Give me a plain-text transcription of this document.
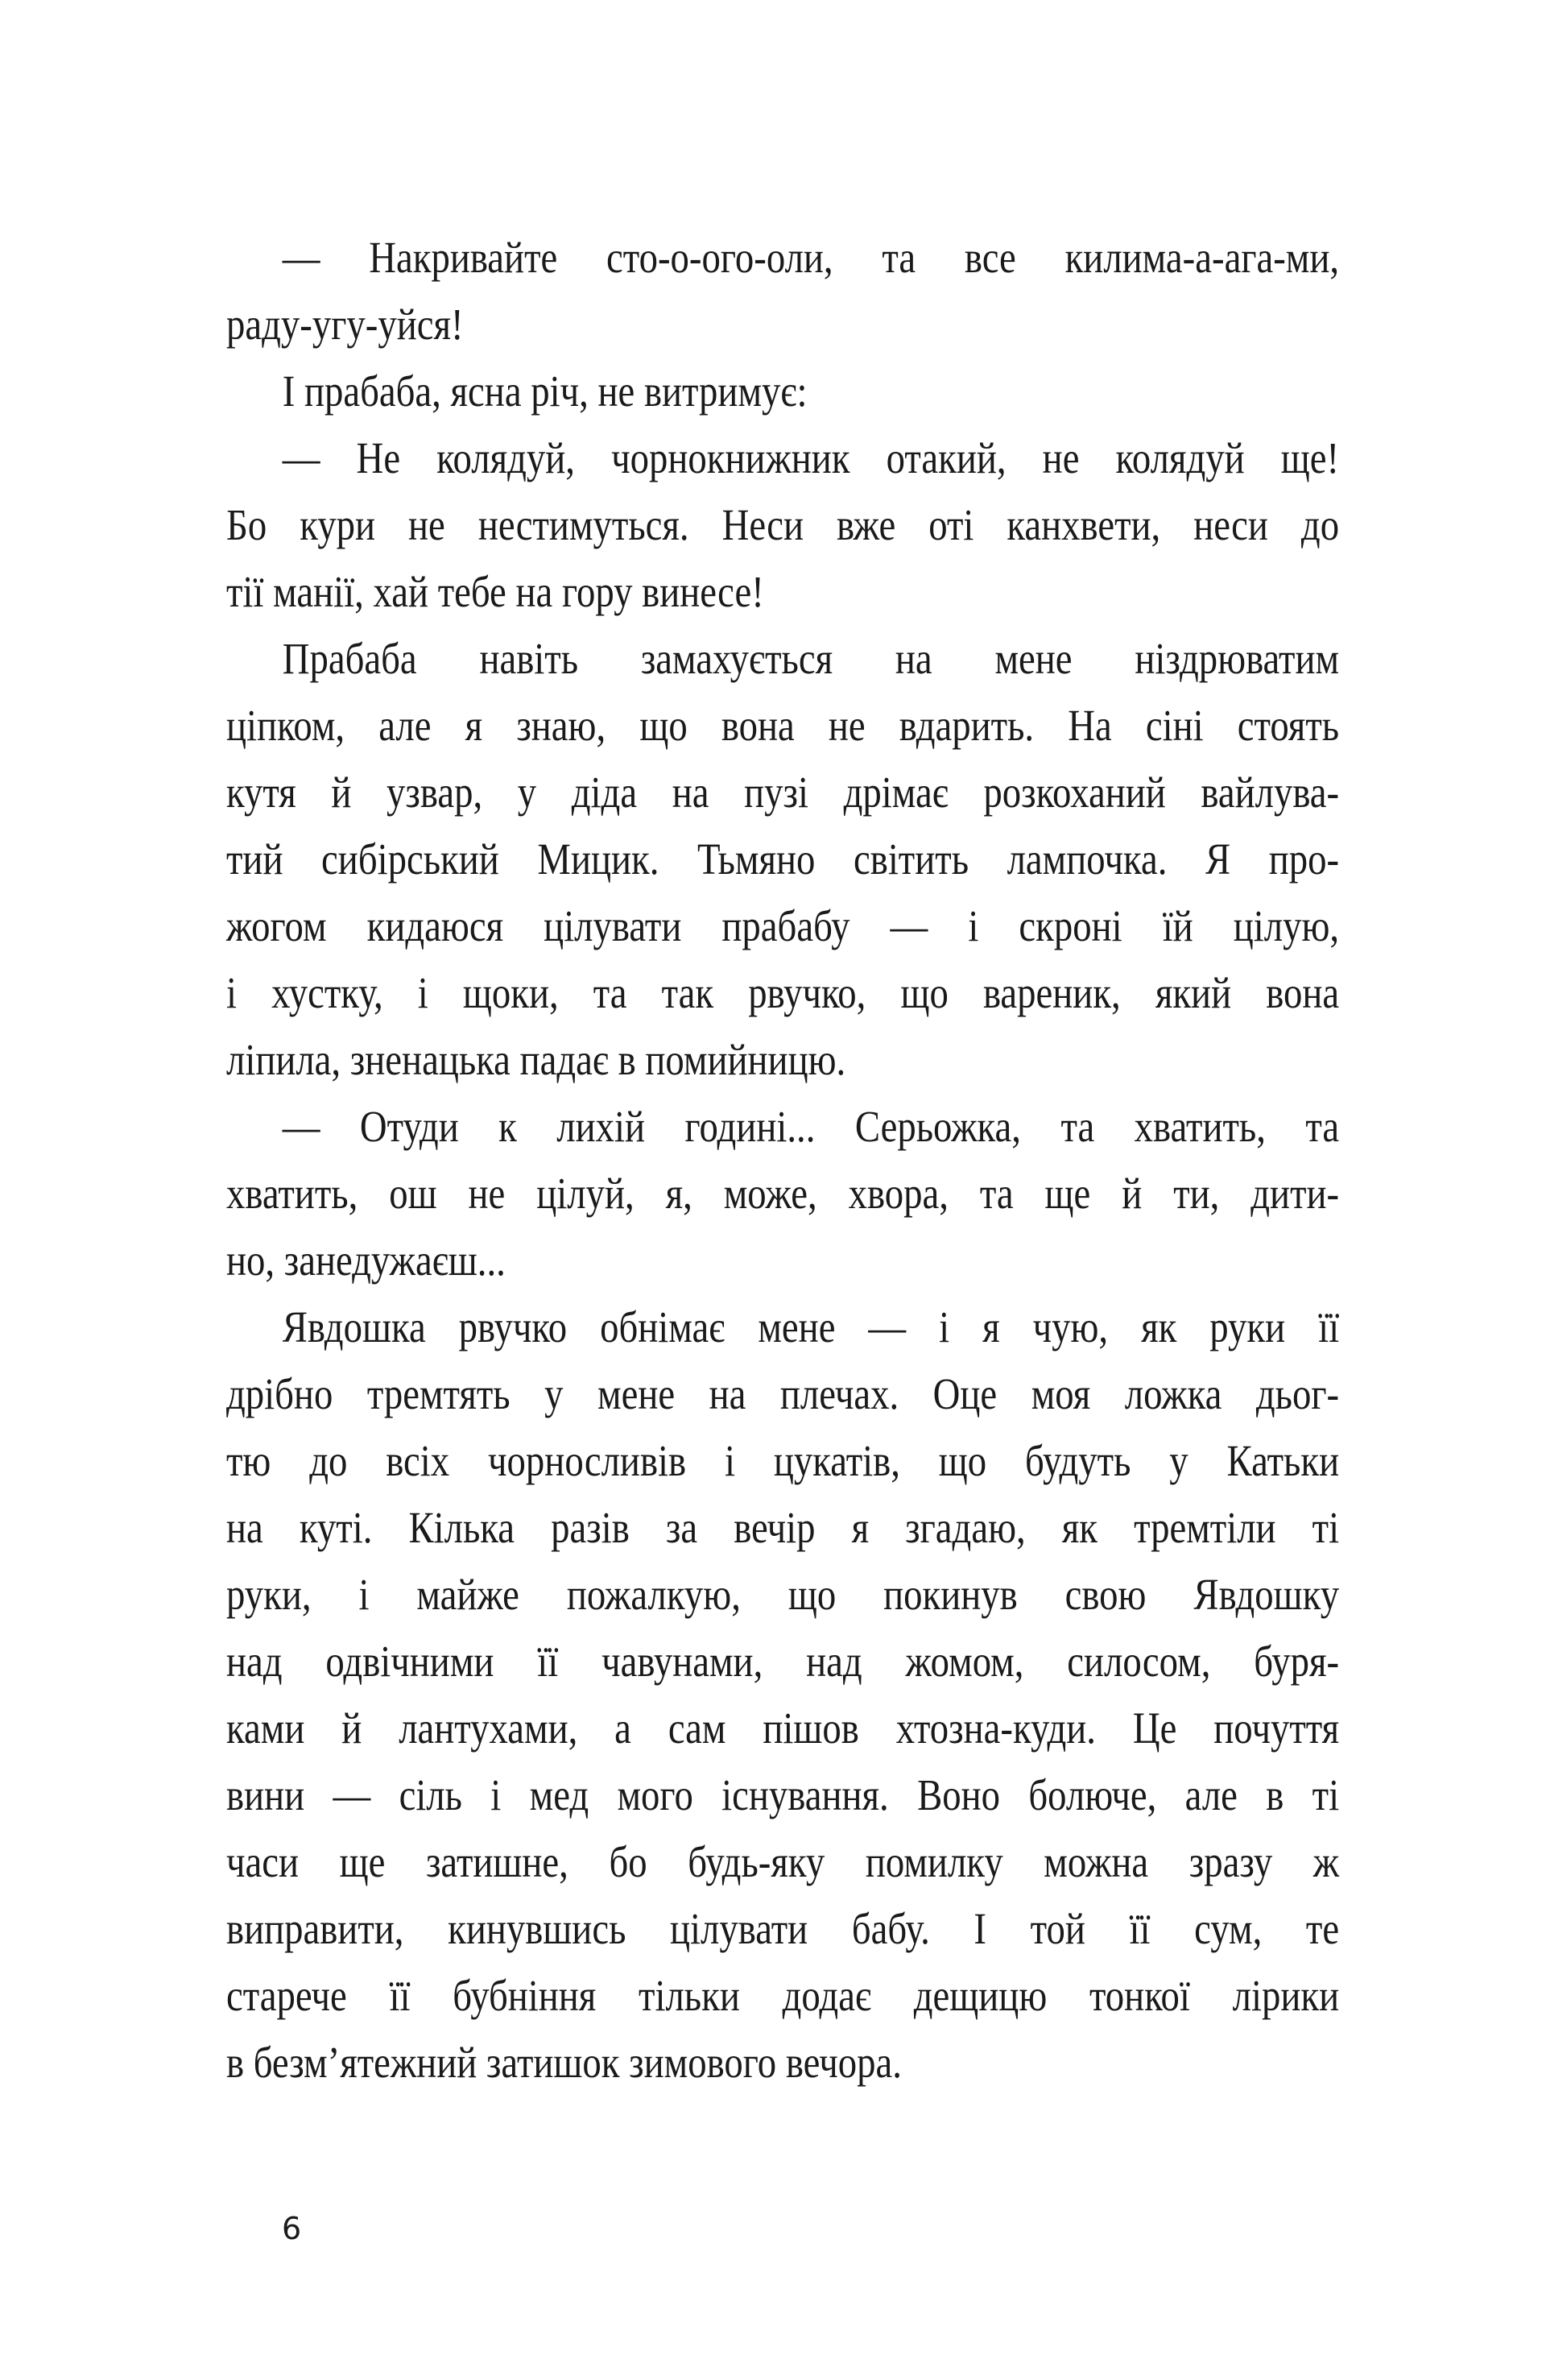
— Накривайте сто-о-ого-оли, та все килима-а-ага-ми,
раду-угу-уйся!
І прабаба, ясна річ, не витримує:
— Не колядуй, чорнокнижник отакий, не колядуй ще!
Бо кури не нестимуться. Неси вже оті канхвети, неси до
тії манії, хай тебе на гору винесе!
Прабаба навіть замахується на мене ніздрюватим
ціпком, але я знаю, що вона не вдарить. На сіні стоять
кутя й узвар, у діда на пузі дрімає розкоханий вайлува-
тий сибірський Мицик. Тьмяно світить лампочка. Я про-
жогом кидаюся цілувати прабабу — і скроні їй цілую,
і хустку, і щоки, та так рвучко, що вареник, який вона
ліпила, зненацька падає в помийницю.
— Отуди к лихій годині... Серьожка, та хватить, та
хватить, ош не цілуй, я, може, хвора, та ще й ти, дити-
но, занедужаєш...
Явдошка рвучко обнімає мене — і я чую, як руки її
дрібно тремтять у мене на плечах. Оце моя ложка дьог-
тю до всіх чорносливів і цукатів, що будуть у Катьки
на куті. Кілька разів за вечір я згадаю, як тремтіли ті
руки, і майже пожалкую, що покинув свою Явдошку
над одвічними її чавунами, над жомом, силосом, буря-
ками й лантухами, а сам пішов хтозна-куди. Це почуття
вини — сіль і мед мого існування. Воно болюче, але в ті
часи ще затишне, бо будь-яку помилку можна зразу ж
виправити, кинувшись цілувати бабу. І той її сум, те
старече її бубніння тільки додає дещицю тонкої лірики
в безм’ятежний затишок зимового вечора.
6
